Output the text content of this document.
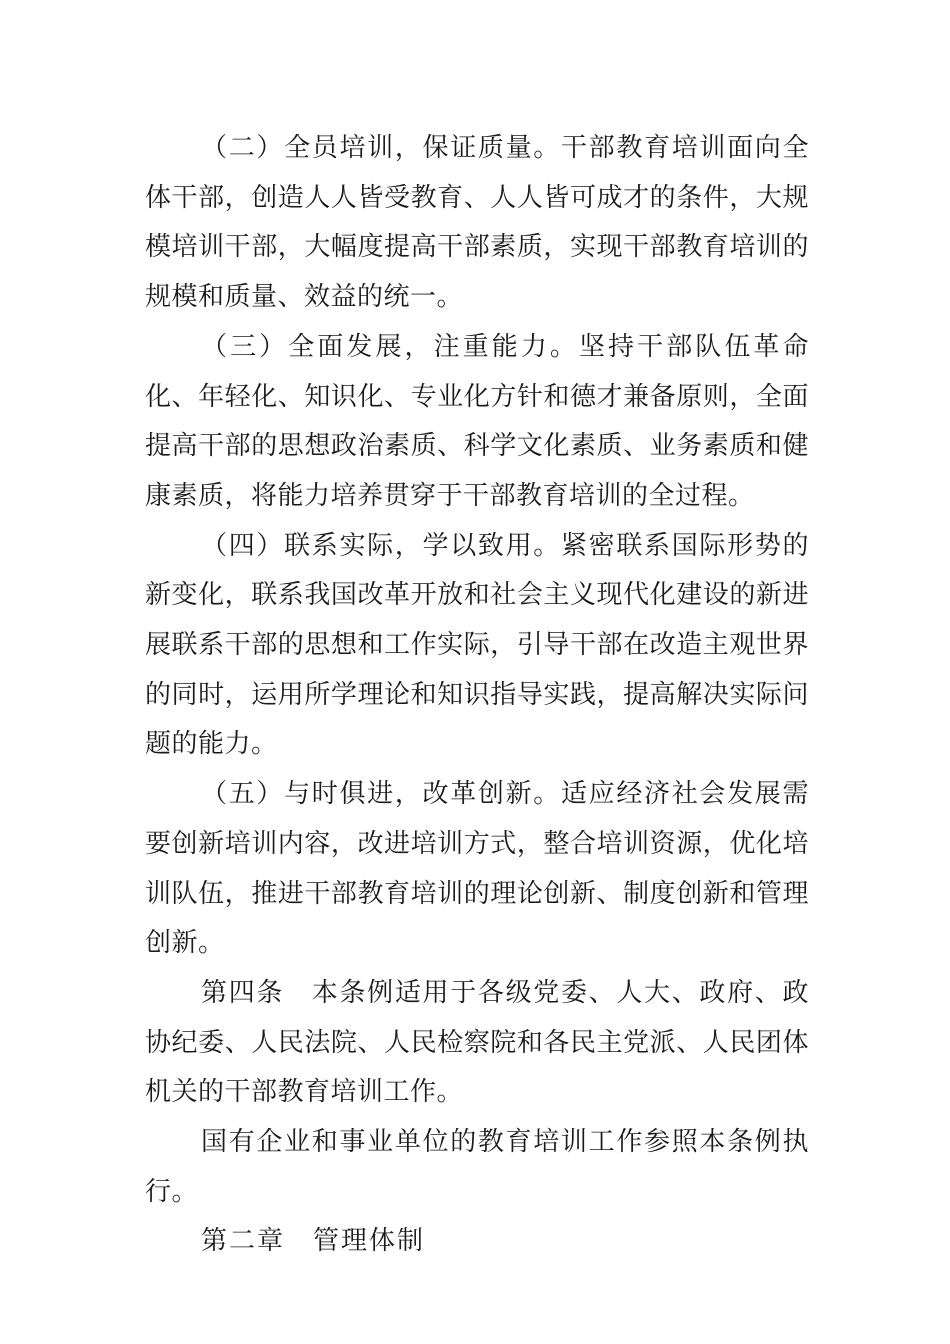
（二）全员培训，保证质量。干部教育培训面向全体干部，创造人人皆受教育、人人皆可成才的条件，大规模培训干部，大幅度提高干部素质，实现干部教育培训的规模和质量、效益的统一。

（三）全面发展，注重能力。坚持干部队伍革命化、年轻化、知识化、专业化方针和德才兼备原则，全面提高干部的思想政治素质、科学文化素质、业务素质和健康素质，将能力培养贯穿于干部教育培训的全过程。

（四）联系实际，学以致用。紧密联系国际形势的新变化，联系我国改革开放和社会主义现代化建设的新进展联系干部的思想和工作实际，引导干部在改造主观世界的同时，运用所学理论和知识指导实践，提高解决实际问题的能力。

（五）与时俱进，改革创新。适应经济社会发展需要创新培训内容，改进培训方式，整合培训资源，优化培训队伍，推进干部教育培训的理论创新、制度创新和管理创新。

第四条　本条例适用于各级党委、人大、政府、政协纪委、人民法院、人民检察院和各民主党派、人民团体机关的干部教育培训工作。

国有企业和事业单位的教育培训工作参照本条例执行。

第二章　管理体制
